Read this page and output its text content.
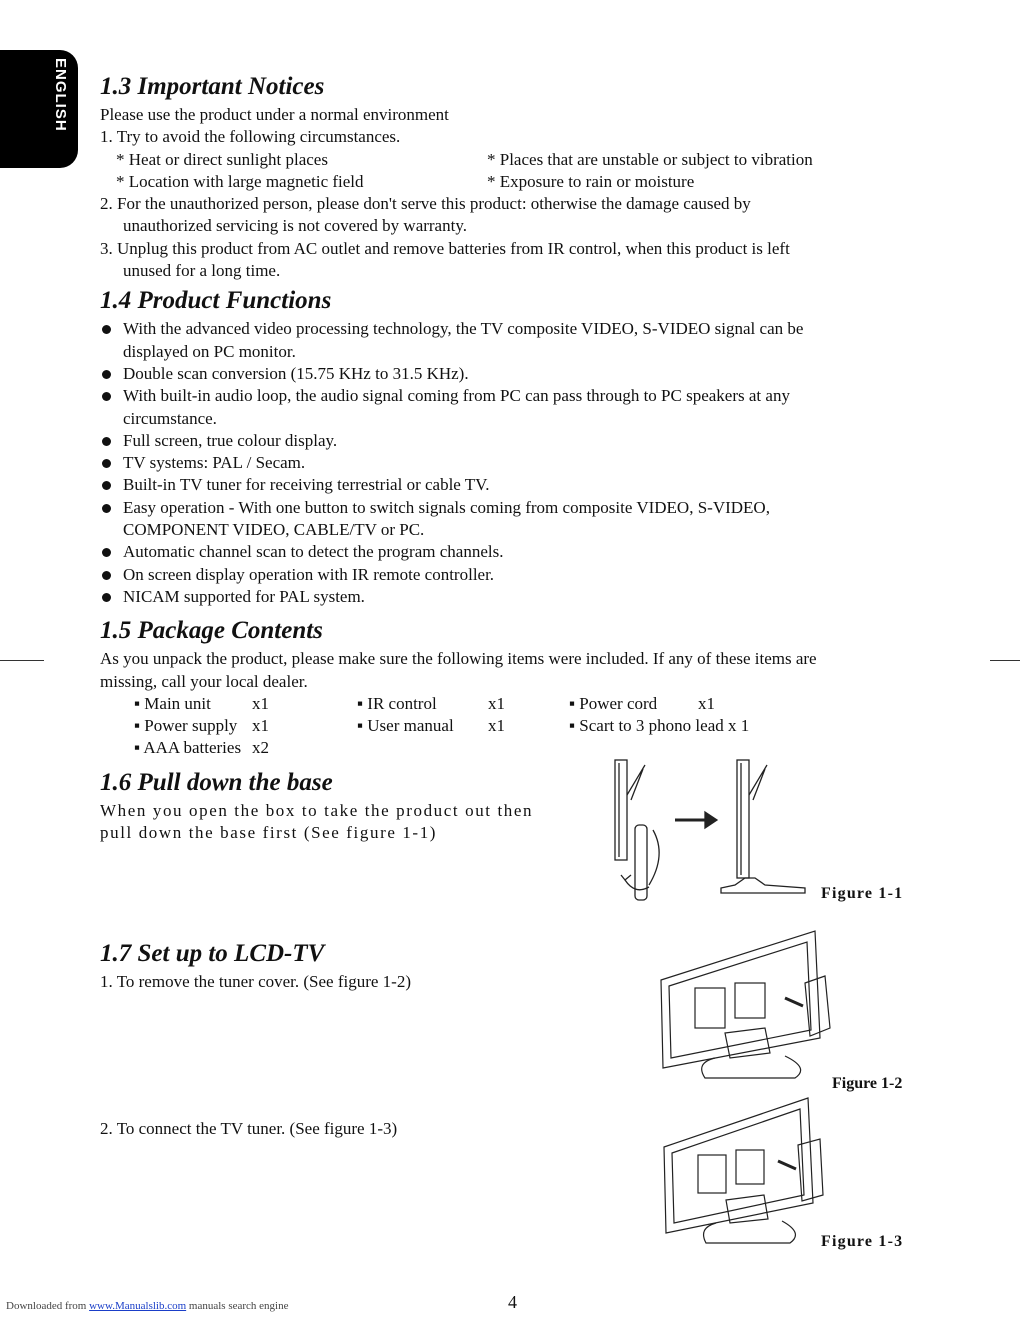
ENGLISH 1.3 Important Notices

Please use the product under a normal environment

1. Try to avoid the following circumstances.

* Heat or direct sunlight places	* Places that are unstable or subject to vibration
* Location with large magnetic field	* Exposure to rain or moisture

2. For the unauthorized person, please don't serve this product: otherwise the damage caused by

unauthorized servicing is not covered by warranty.

3. Unplug this product from AC outlet and remove batteries from IR control, when this product is left

unused for a long time.

1.4 Product Functions
With the advanced video processing technology, the TV composite VIDEO, S-VIDEO signal can be
displayed on PC monitor.
Double scan conversion (15.75 KHz to 31.5 KHz).
With built-in audio loop, the audio signal coming from PC can pass through to PC speakers at any
circumstance.
Full screen, true colour display.
TV systems: PAL / Secam.
Built-in TV tuner for receiving terrestrial or cable TV.
Easy operation - With one button to switch signals coming from composite VIDEO, S-VIDEO,
COMPONENT VIDEO, CABLE/TV or PC.
Automatic channel scan to detect the program channels.
On screen display operation with IR remote controller.
NICAM supported for PAL system.
1.5 Package Contents

As you unpack the product, please make sure the following items were included. If any of these items are

missing, call your local dealer.

▪ Main unit	x1	▪ IR control	x1	▪ Power cord	x1
▪ Power supply x1	▪ User manual	x1	▪ Scart to 3 phono lead x 1
▪ AAA batteries x2
1.6 Pull down the base

When you open the box to take the product out then

pull down the base first (See figure 1-1)

1.7 Set up to LCD-TV

1. To remove the tuner cover. (See figure 1-2)

2. To connect the TV tuner. (See figure 1-3)

Figure 1-1
Figure 1-2
Figure 1-3
Downloaded from www.Manualslib.com manuals search engine	4
